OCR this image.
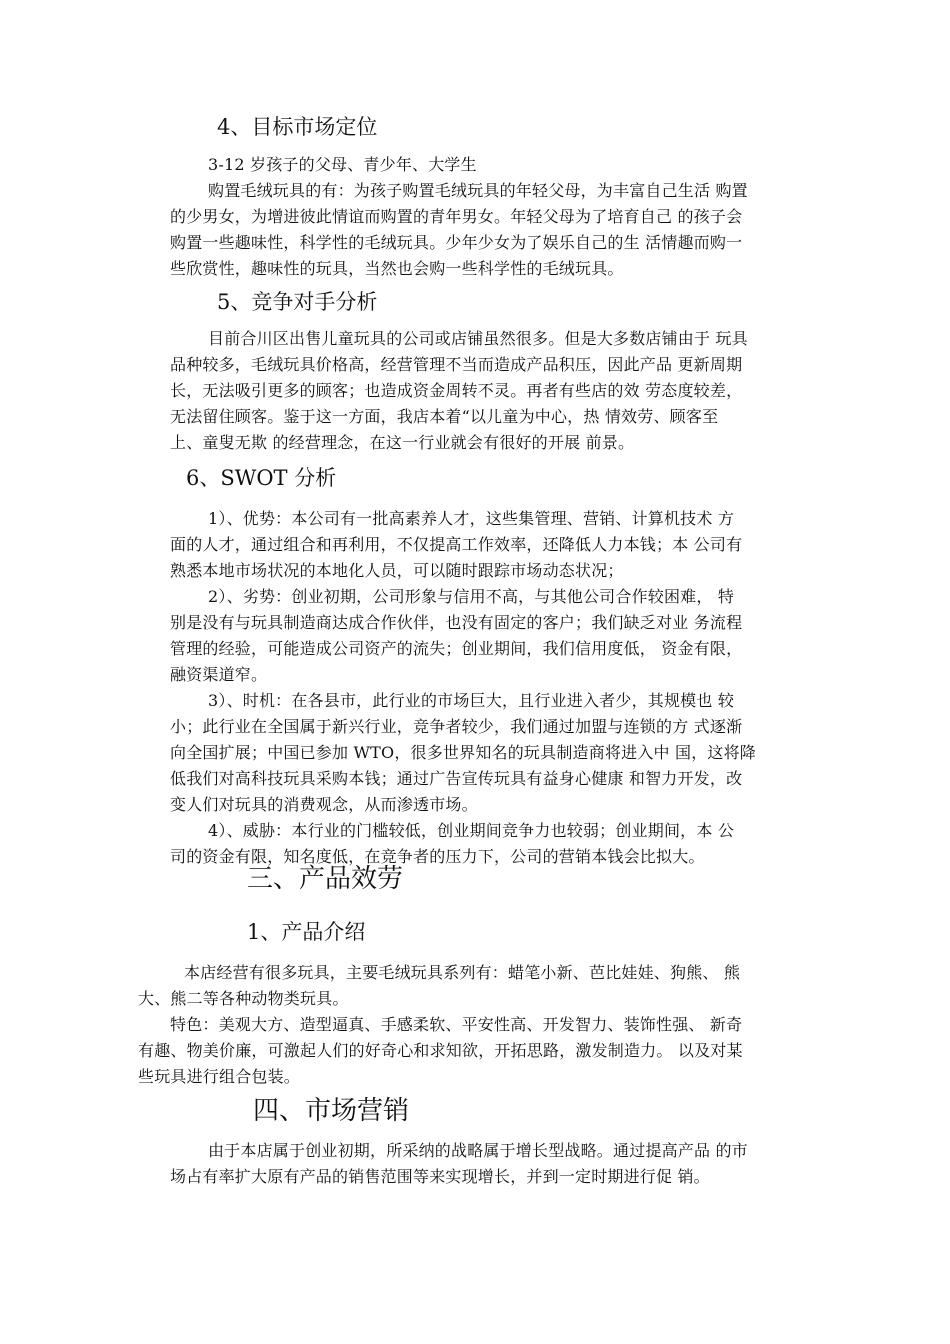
4、目标市场定位

3-12 岁孩子的父母、青少年、大学生

购置毛绒玩具的有：为孩子购置毛绒玩具的年轻父母，为丰富自己生活 购置

的少男女，为增进彼此情谊而购置的青年男女。年轻父母为了培育自己 的孩子会

购置一些趣味性，科学性的毛绒玩具。少年少女为了娱乐自己的生 活情趣而购一

些欣赏性，趣味性的玩具，当然也会购一些科学性的毛绒玩具。

5、竞争对手分析

目前合川区出售儿童玩具的公司或店铺虽然很多。但是大多数店铺由于 玩具

品种较多，毛绒玩具价格高，经营管理不当而造成产品积压，因此产品 更新周期

长，无法吸引更多的顾客；也造成资金周转不灵。再者有些店的效 劳态度较差，

无法留住顾客。鉴于这一方面，我店本着“以儿童为中心，热 情效劳、顾客至

上、童叟无欺 的经营理念，在这一行业就会有很好的开展 前景。

6、SWOT 分析

1）、优势：本公司有一批高素养人才，这些集管理、营销、计算机技术 方

面的人才，通过组合和再利用，不仅提高工作效率，还降低人力本钱；本 公司有

熟悉本地市场状况的本地化人员，可以随时跟踪市场动态状况；

2）、劣势：创业初期，公司形象与信用不高，与其他公司合作较困难， 特

别是没有与玩具制造商达成合作伙伴，也没有固定的客户；我们缺乏对业 务流程

管理的经验，可能造成公司资产的流失；创业期间，我们信用度低， 资金有限，

融资渠道窄。

3）、时机：在各县市，此行业的市场巨大，且行业进入者少，其规模也 较

小；此行业在全国属于新兴行业，竞争者较少，我们通过加盟与连锁的方 式逐渐

向全国扩展；中国已参加 WTO，很多世界知名的玩具制造商将进入中 国，这将降

低我们对高科技玩具采购本钱；通过广告宣传玩具有益身心健康 和智力开发，改

变人们对玩具的消费观念，从而渗透市场。

4）、威胁：本行业的门槛较低，创业期间竞争力也较弱；创业期间，本 公

司的资金有限，知名度低，在竞争者的压力下，公司的营销本钱会比拟大。

三、产品效劳
1、产品介绍

本店经营有很多玩具，主要毛绒玩具系列有：蜡笔小新、芭比娃娃、狗熊、 熊

大、熊二等各种动物类玩具。

特色：美观大方、造型逼真、手感柔软、平安性高、开发智力、装饰性强、 新奇

有趣、物美价廉，可激起人们的好奇心和求知欲，开拓思路，激发制造力。 以及对某

些玩具进行组合包装。

四、市场营销

由于本店属于创业初期，所采纳的战略属于增长型战略。通过提高产品 的市

场占有率扩大原有产品的销售范围等来实现增长，并到一定时期进行促 销。
